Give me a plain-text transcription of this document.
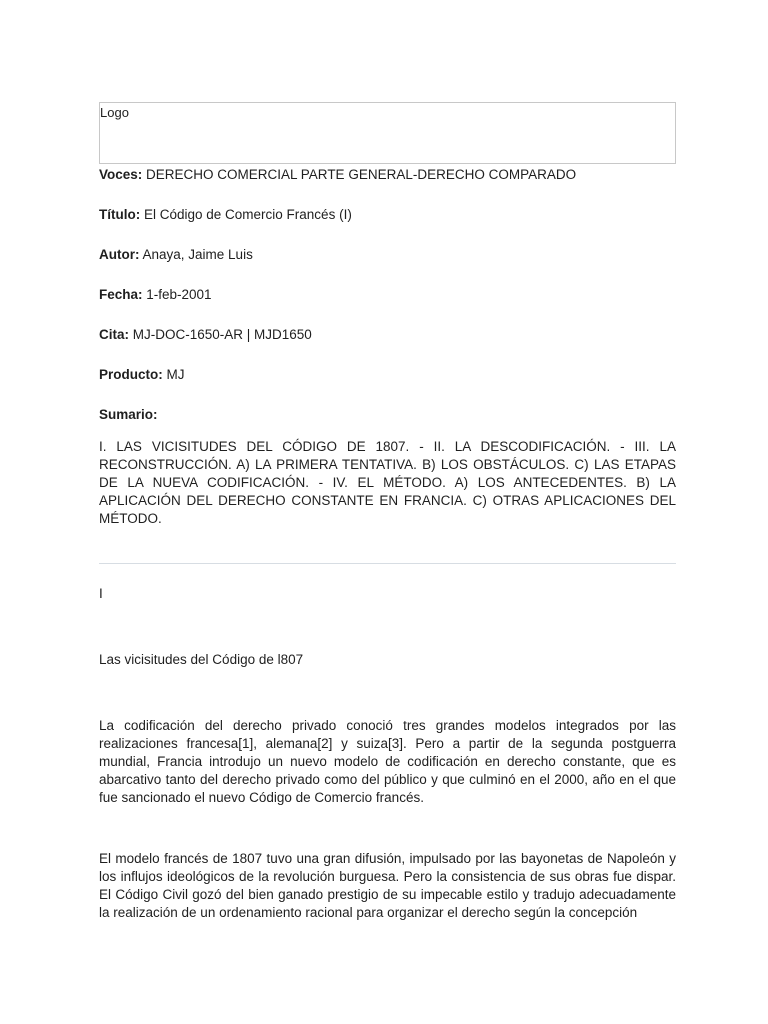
Logo
Voces: DERECHO COMERCIAL PARTE GENERAL-DERECHO COMPARADO
Título: El Código de Comercio Francés (I)
Autor: Anaya, Jaime Luis
Fecha: 1-feb-2001
Cita: MJ-DOC-1650-AR | MJD1650
Producto: MJ
Sumario:
I. LAS VICISITUDES DEL CÓDIGO DE 1807. - II. LA DESCODIFICACIÓN. - III. LA RECONSTRUCCIÓN. A) LA PRIMERA TENTATIVA. B) LOS OBSTÁCULOS. C) LAS ETAPAS DE LA NUEVA CODIFICACIÓN. - IV. EL MÉTODO. A) LOS ANTECEDENTES. B) LA APLICACIÓN DEL DERECHO CONSTANTE EN FRANCIA. C) OTRAS APLICACIONES DEL MÉTODO.
I
Las vicisitudes del Código de l807
La codificación del derecho privado conoció tres grandes modelos integrados por las realizaciones francesa[1], alemana[2] y suiza[3]. Pero a partir de la segunda postguerra mundial, Francia introdujo un nuevo modelo de codificación en derecho constante, que es abarcativo tanto del derecho privado como del público y que culminó en el 2000, año en el que fue sancionado el nuevo Código de Comercio francés.
El modelo francés de 1807 tuvo una gran difusión, impulsado por las bayonetas de Napoleón y los influjos ideológicos de la revolución burguesa. Pero la consistencia de sus obras fue dispar. El Código Civil gozó del bien ganado prestigio de su impecable estilo y tradujo adecuadamente la realización de un ordenamiento racional para organizar el derecho según la concepción
